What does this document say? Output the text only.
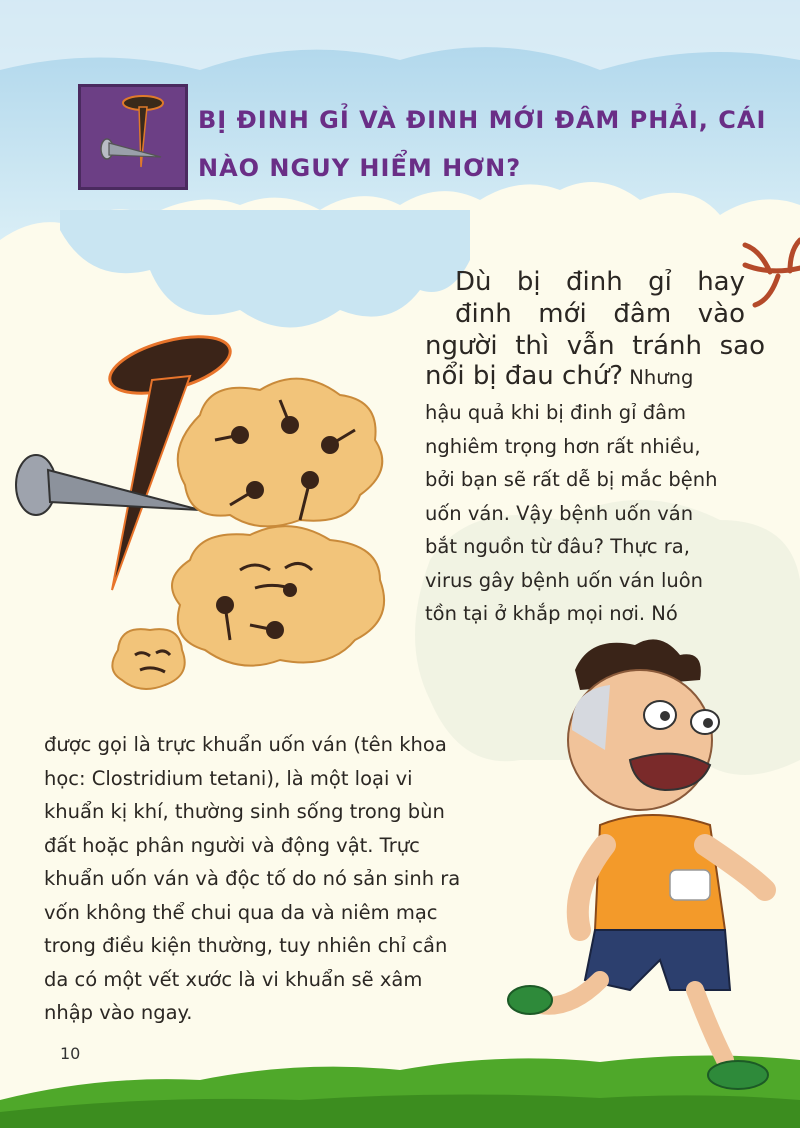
BỊ ĐINH GỈ VÀ ĐINH MỚI ĐÂM PHẢI, CÁI
NÀO NGUY HIỂM HƠN?
Dù bị đinh gỉ hay
đinh mới đâm vào
người thì vẫn tránh sao
nổi bị đau chứ? Nhưng
hậu quả khi bị đinh gỉ đâm
nghiêm trọng hơn rất nhiều,
bởi bạn sẽ rất dễ bị mắc bệnh
uốn ván. Vậy bệnh uốn ván
bắt nguồn từ đâu? Thực ra,
virus gây bệnh uốn ván luôn
tồn tại ở khắp mọi nơi. Nó
được gọi là trực khuẩn uốn ván (tên khoa
học: Clostridium tetani), là một loại vi
khuẩn kị khí, thường sinh sống trong bùn
đất hoặc phân người và động vật. Trực
khuẩn uốn ván và độc tố do nó sản sinh ra
vốn không thể chui qua da và niêm mạc
trong điều kiện thường, tuy nhiên chỉ cần
da có một vết xước là vi khuẩn sẽ xâm
nhập vào ngay.
10
